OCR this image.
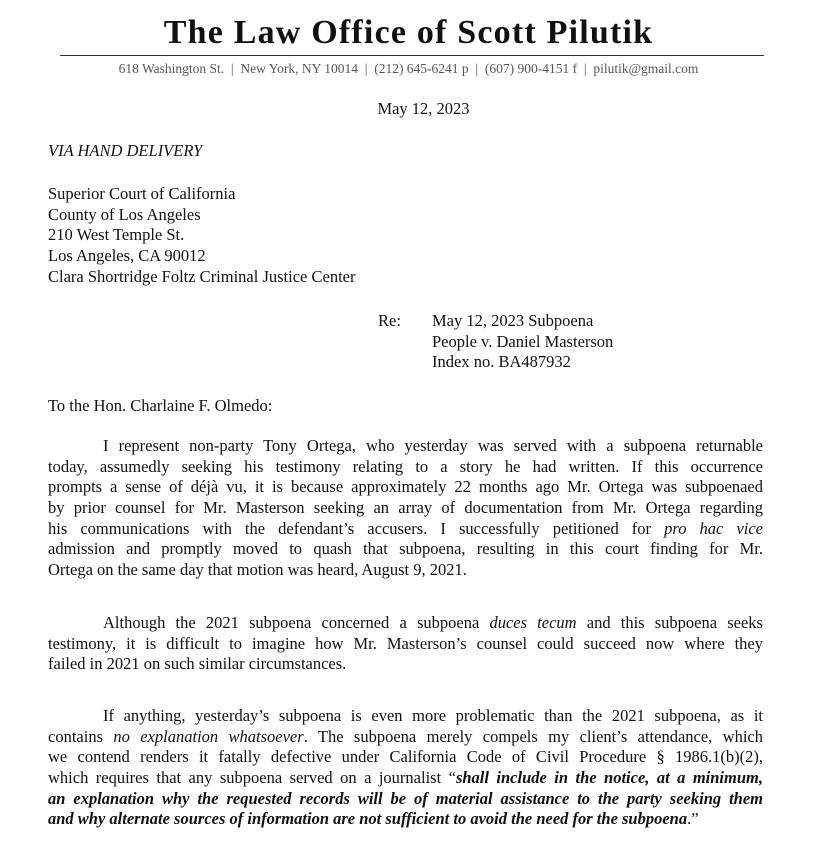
The Law Office of Scott Pilutik
618 Washington St.  |  New York, NY 10014  |  (212) 645-6241 p  |  (607) 900-4151 f  |  pilutik@gmail.com
May 12, 2023
VIA HAND DELIVERY
Superior Court of California
County of Los Angeles
210 West Temple St.
Los Angeles, CA 90012
Clara Shortridge Foltz Criminal Justice Center
Re: May 12, 2023 Subpoena
People v. Daniel Masterson
Index no. BA487932
To the Hon. Charlaine F. Olmedo:
I represent non-party Tony Ortega, who yesterday was served with a subpoena returnable
today, assumedly seeking his testimony relating to a story he had written. If this occurrence
prompts a sense of déjà vu, it is because approximately 22 months ago Mr. Ortega was subpoenaed
by prior counsel for Mr. Masterson seeking an array of documentation from Mr. Ortega regarding
his communications with the defendant’s accusers. I successfully petitioned for pro hac vice
admission and promptly moved to quash that subpoena, resulting in this court finding for Mr.
Ortega on the same day that motion was heard, August 9, 2021.
Although the 2021 subpoena concerned a subpoena duces tecum and this subpoena seeks
testimony, it is difficult to imagine how Mr. Masterson’s counsel could succeed now where they
failed in 2021 on such similar circumstances.
If anything, yesterday’s subpoena is even more problematic than the 2021 subpoena, as it
contains no explanation whatsoever. The subpoena merely compels my client’s attendance, which
we contend renders it fatally defective under California Code of Civil Procedure § 1986.1(b)(2),
which requires that any subpoena served on a journalist “shall include in the notice, at a minimum,
an explanation why the requested records will be of material assistance to the party seeking them
and why alternate sources of information are not sufficient to avoid the need for the subpoena.”
